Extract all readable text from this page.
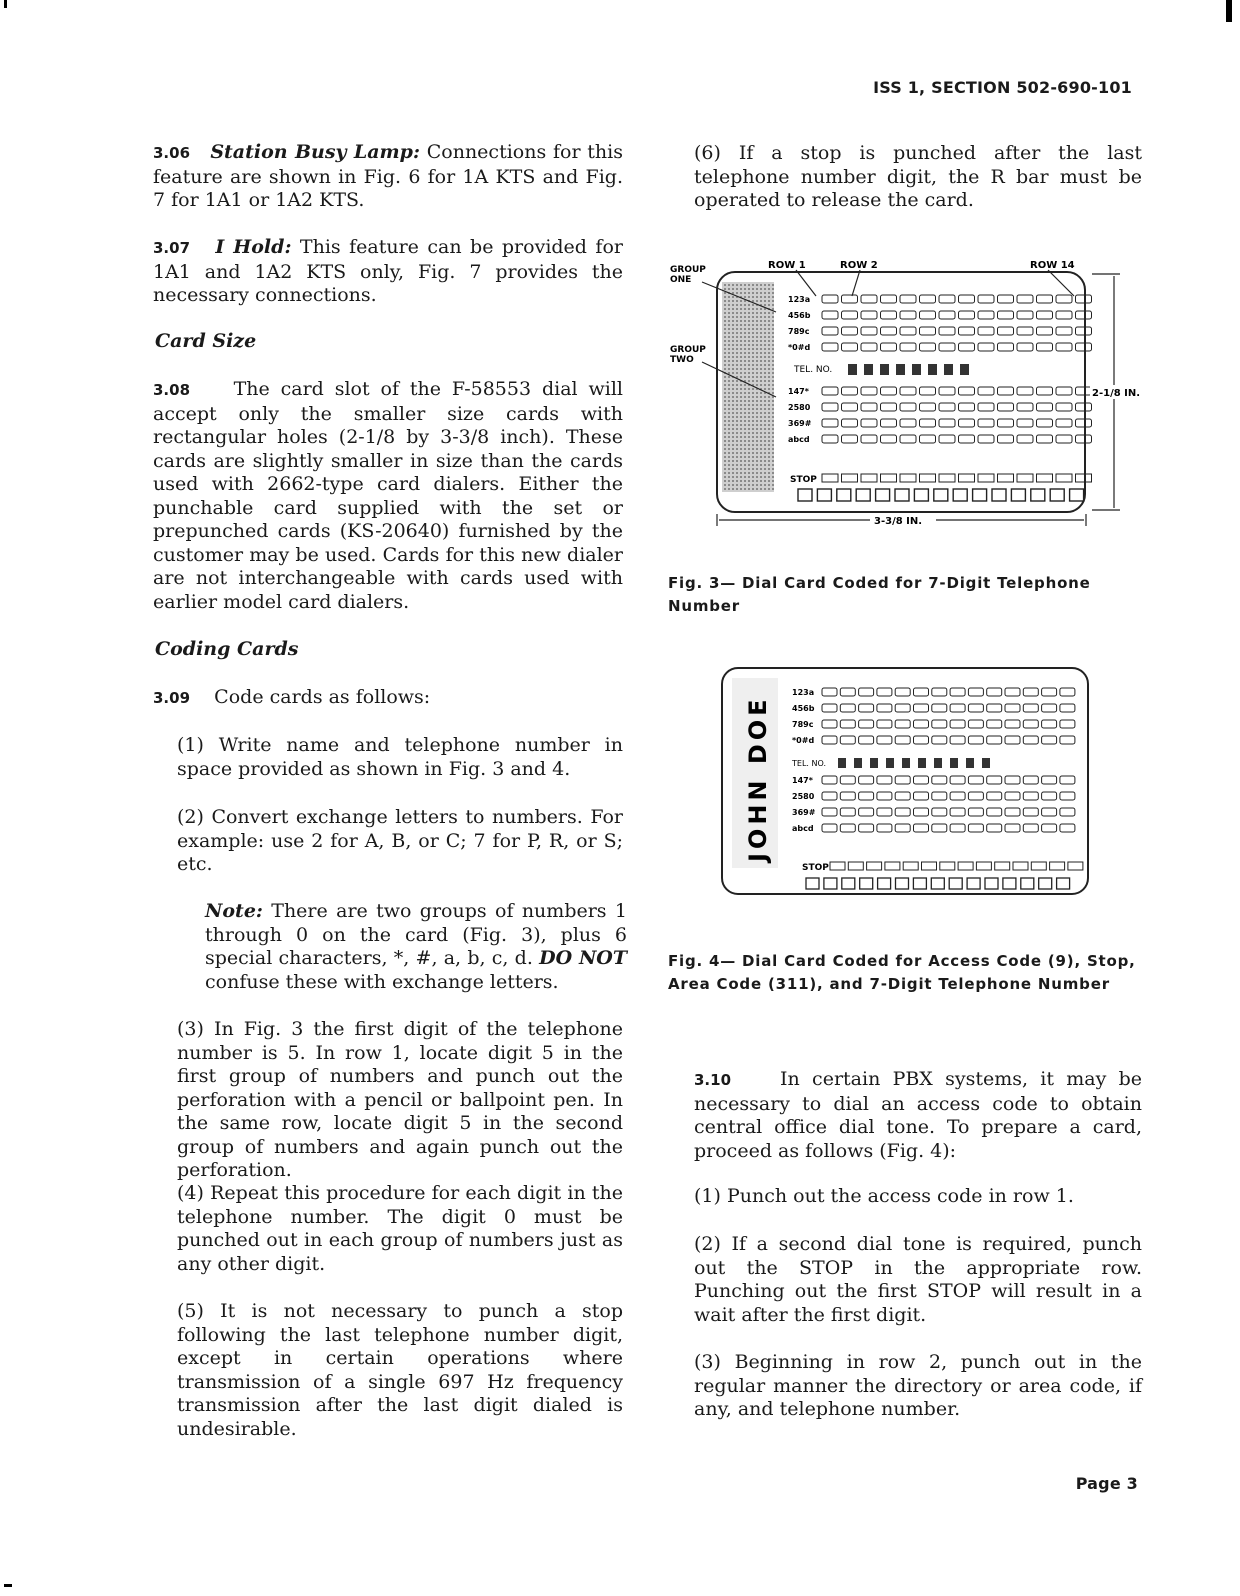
ISS 1, SECTION 502-690-101

3.06 Station Busy Lamp: Connections for this feature are shown in Fig. 6 for 1A KTS and Fig. 7 for 1A1 or 1A2 KTS.

3.07 I Hold: This feature can be provided for 1A1 and 1A2 KTS only, Fig. 7 provides the necessary connections.

Card Size

3.08    The card slot of the F-58553 dial will accept only the smaller size cards with rectangular holes (2-1/8 by 3-3/8 inch). These cards are slightly smaller in size than the cards used with 2662-type card dialers. Either the punchable card supplied with the set or prepunched cards (KS-20640) furnished by the customer may be used. Cards for this new dialer are not interchangeable with cards used with earlier model card dialers.

Coding Cards

3.09    Code cards as follows:

(1) Write name and telephone number in space provided as shown in Fig. 3 and 4.

(2) Convert exchange letters to numbers. For example: use 2 for A, B, or C; 7 for P, R, or S; etc.

Note: There are two groups of numbers 1 through 0 on the card (Fig. 3), plus 6 special characters, *, #, a, b, c, d. DO NOT confuse these with exchange letters.

(3) In Fig. 3 the first digit of the telephone number is 5. In row 1, locate digit 5 in the first group of numbers and punch out the perforation with a pencil or ballpoint pen. In the same row, locate digit 5 in the second group of numbers and again punch out the perforation.

(4) Repeat this procedure for each digit in the telephone number. The digit 0 must be punched out in each group of numbers just as any other digit.

(5) It is not necessary to punch a stop following the last telephone number digit, except in certain operations where transmission of a single 697 Hz frequency transmission after the last digit dialed is undesirable.

(6) If a stop is punched after the last telephone number digit, the R bar must be operated to release the card.

Fig. 3— Dial Card Coded for 7-Digit Telephone Number
Fig. 4— Dial Card Coded for Access Code (9), Stop, Area Code (311), and 7-Digit Telephone Number

3.10    In certain PBX systems, it may be necessary to dial an access code to obtain central office dial tone. To prepare a card, proceed as follows (Fig. 4):

(1) Punch out the access code in row 1.

(2) If a second dial tone is required, punch out the STOP in the appropriate row. Punching out the first STOP will result in a wait after the first digit.

(3) Beginning in row 2, punch out in the regular manner the directory or area code, if any, and telephone number.

GROUP
ONE
GROUP
TWO
ROW 1	ROW 2	ROW 14
123a
456b
789c
*0#d
147*
2580
369#
abcd
TEL. NO.
STOP
2-1/8 IN.
3-3/8 IN.
JOHN DOE
123a
456b
789c
*0#d
147*
2580
369#
abcd
TEL. NO.
STOP
Page 3
